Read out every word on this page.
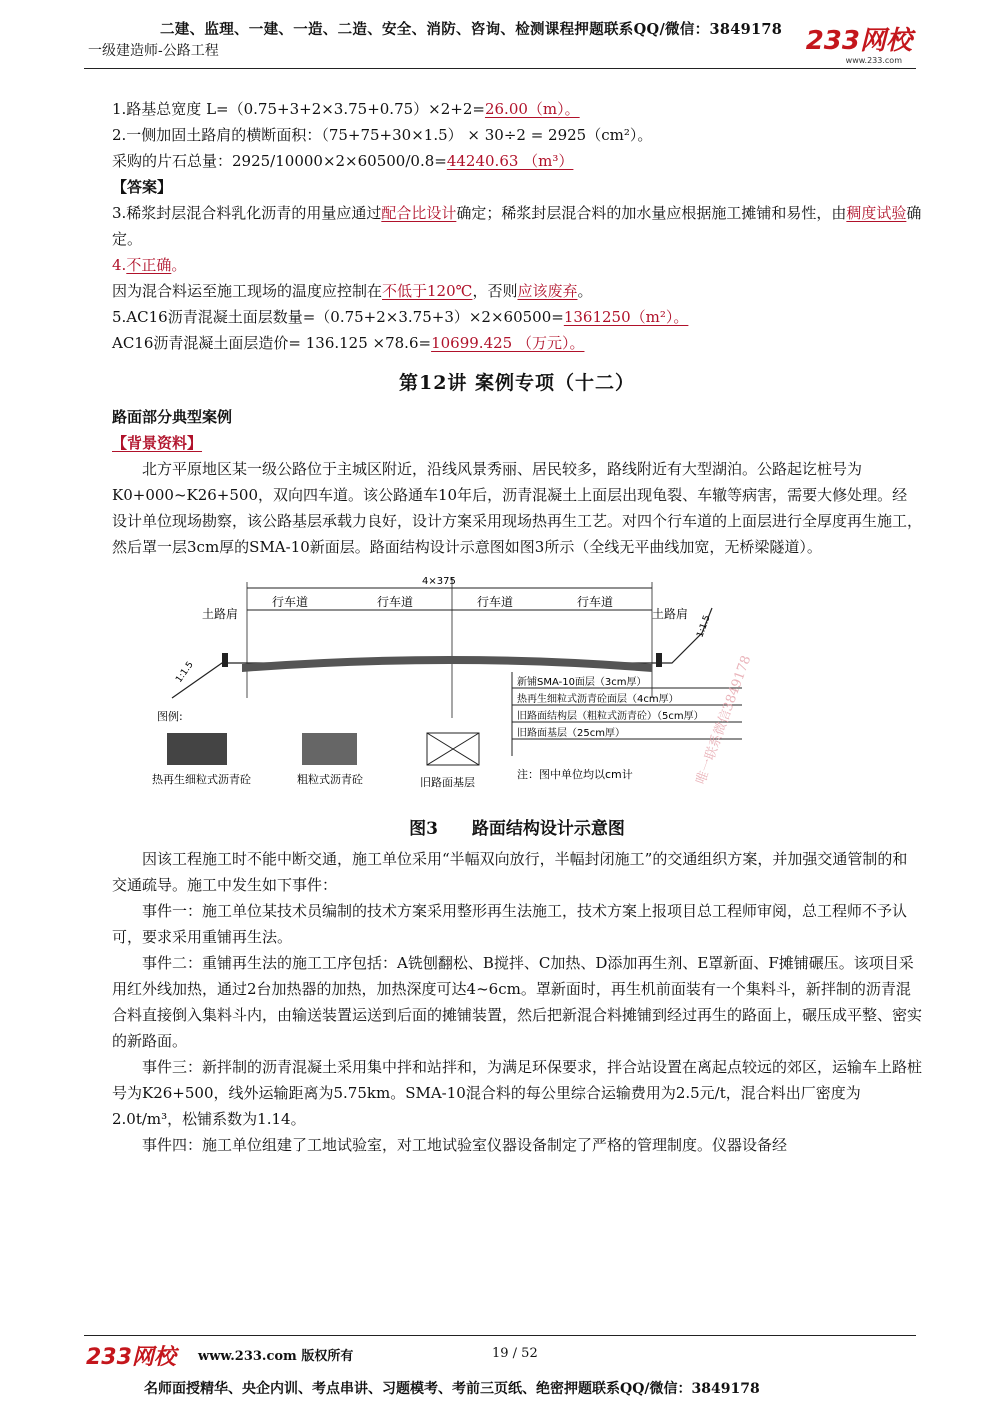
二建、监理、一建、一造、二造、安全、消防、咨询、检测课程押题联系QQ/微信：3849178
一级建造师-公路工程	233网校
www.233.com

1.路基总宽度 L=（0.75+3+2×3.75+0.75）×2+2=26.00（m）。

2.一侧加固土路肩的横断面积：（75+75+30×1.5） × 30÷2 = 2925（cm²）。

采购的片石总量：2925/10000×2×60500/0.8=44240.63 （m³）

【答案】

3.稀浆封层混合料乳化沥青的用量应通过配合比设计确定；稀浆封层混合料的加水量应根据施工摊铺和易性，由稠度试验确定。

4.不正确。

因为混合料运至施工现场的温度应控制在不低于120℃，否则应该废弃。

5.AC16沥青混凝土面层数量=（0.75+2×3.75+3）×2×60500=1361250（m²）。

AC16沥青混凝土面层造价= 136.125 ×78.6=10699.425 （万元）。

第12讲 案例专项（十二）

路面部分典型案例

【背景资料】

北方平原地区某一级公路位于主城区附近，沿线风景秀丽、居民较多，路线附近有大型湖泊。公路起讫桩号为K0+000~K26+500，双向四车道。该公路通车10年后，沥青混凝土上面层出现龟裂、车辙等病害，需要大修处理。经设计单位现场勘察，该公路基层承载力良好，设计方案采用现场热再生工艺。对四个行车道的上面层进行全厚度再生施工，然后罩一层3cm厚的SMA-10新面层。路面结构设计示意图如图3所示（全线无平曲线加宽，无桥梁隧道）。

4×375
行车道	行车道	行车道	行车道
土路肩	土路肩
1:1.5
1:1.5
新铺SMA-10面层（3cm厚）
热再生细粒式沥青砼面层（4cm厚）
旧路面结构层（粗粒式沥青砼）（5cm厚）
旧路面基层（25cm厚）
图例:
热再生细粒式沥青砼	粗粒式沥青砼	旧路面基层
注：图中单位均以cm计

图3　　路面结构设计示意图

因该工程施工时不能中断交通，施工单位采用“半幅双向放行，半幅封闭施工”的交通组织方案，并加强交通管制的和交通疏导。施工中发生如下事件：

事件一：施工单位某技术员编制的技术方案采用整形再生法施工，技术方案上报项目总工程师审阅，总工程师不予认可，要求采用重铺再生法。

事件二：重铺再生法的施工工序包括：A铣刨翻松、B搅拌、C加热、D添加再生剂、E罩新面、F摊铺碾压。该项目采用红外线加热，通过2台加热器的加热，加热深度可达4~6cm。罩新面时，再生机前面装有一个集料斗，新拌制的沥青混合料直接倒入集料斗内，由输送装置运送到后面的摊铺装置，然后把新混合料摊铺到经过再生的路面上，碾压成平整、密实的新路面。

事件三：新拌制的沥青混凝土采用集中拌和站拌和，为满足环保要求，拌合站设置在离起点较远的郊区，运输车上路桩号为K26+500，线外运输距离为5.75km。SMA-10混合料的每公里综合运输费用为2.5元/t，混合料出厂密度为2.0t/m³，松铺系数为1.14。

事件四：施工单位组建了工地试验室，对工地试验室仪器设备制定了严格的管理制度。仪器设备经

唯一联系微信3849178
233网校 www.233.com 版权所有	19 / 52
名师面授精华、央企内训、考点串讲、习题模考、考前三页纸、绝密押题联系QQ/微信：3849178
